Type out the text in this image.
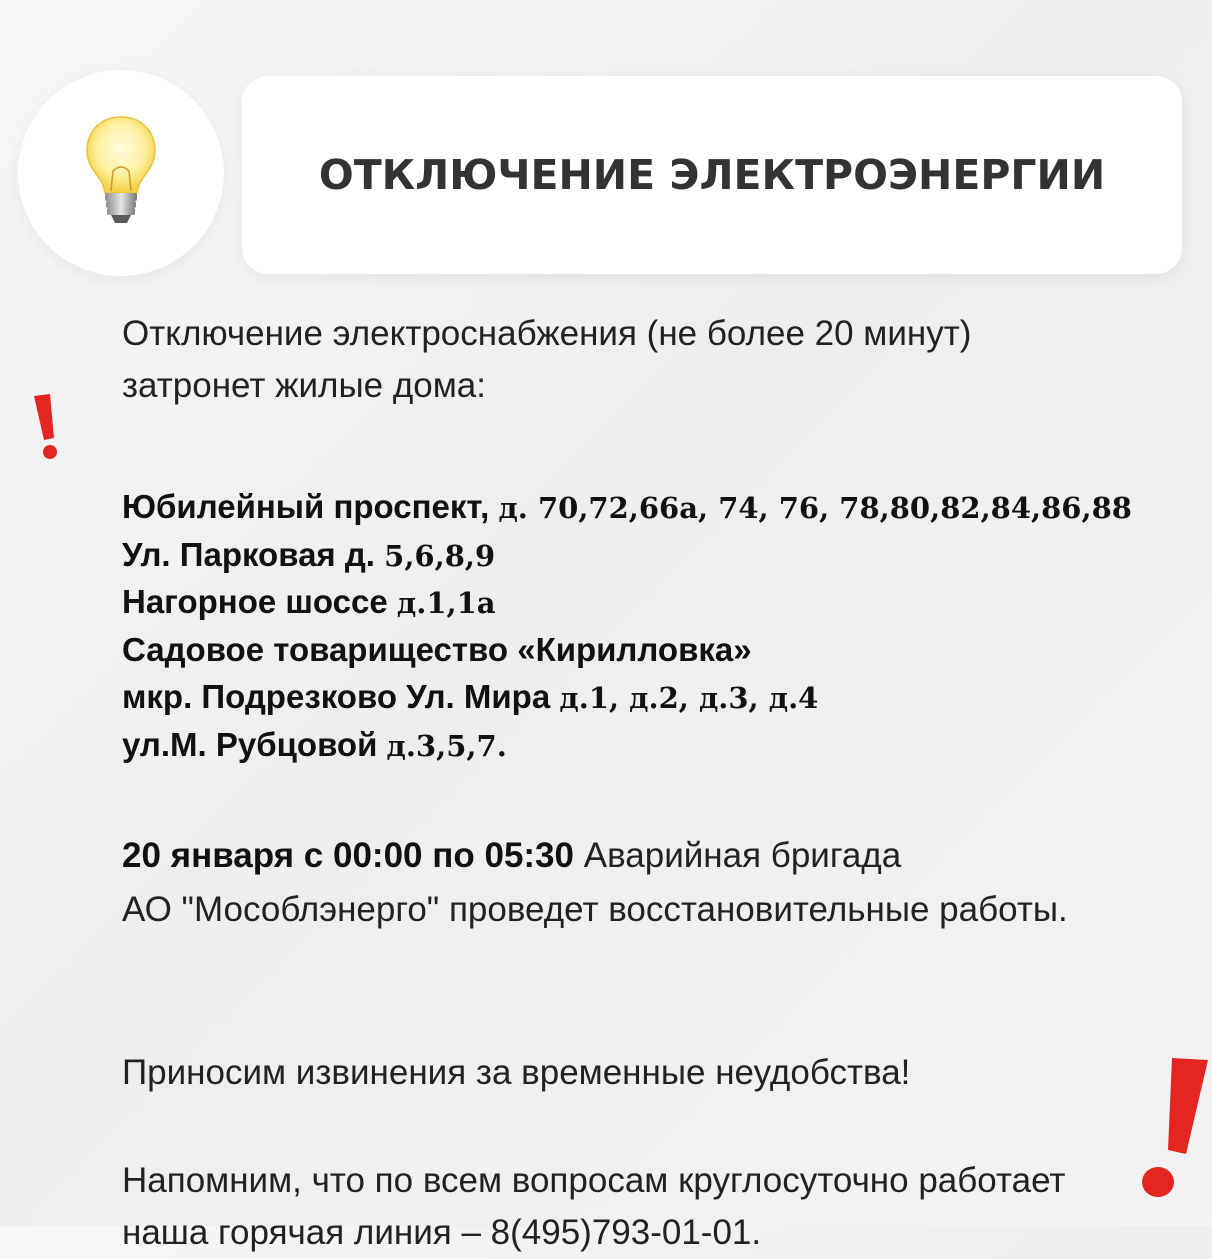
ОТКЛЮЧЕНИЕ ЭЛЕКТРОЭНЕРГИИ

Отключение электроснабжения (не более 20 минут)
затронет жилые дома:

Юбилейный проспект, д. 70,72,66а, 74, 76, 78,80,82,84,86,88
Ул. Парковая д. 5,6,8,9
Нагорное шоссе д.1,1а
Садовое товарищество «Кирилловка»
мкр. Подрезково Ул. Мира д.1, д.2, д.3, д.4
ул.М. Рубцовой д.3,5,7.
20 января с 00:00 по 05:30 Аварийная бригада
АО "Мособлэнерго" проведет восстановительные работы.
Приносим извинения за временные неудобства!
Напомним, что по всем вопросам круглосуточно работает
наша горячая линия – 8(495)793-01-01.
